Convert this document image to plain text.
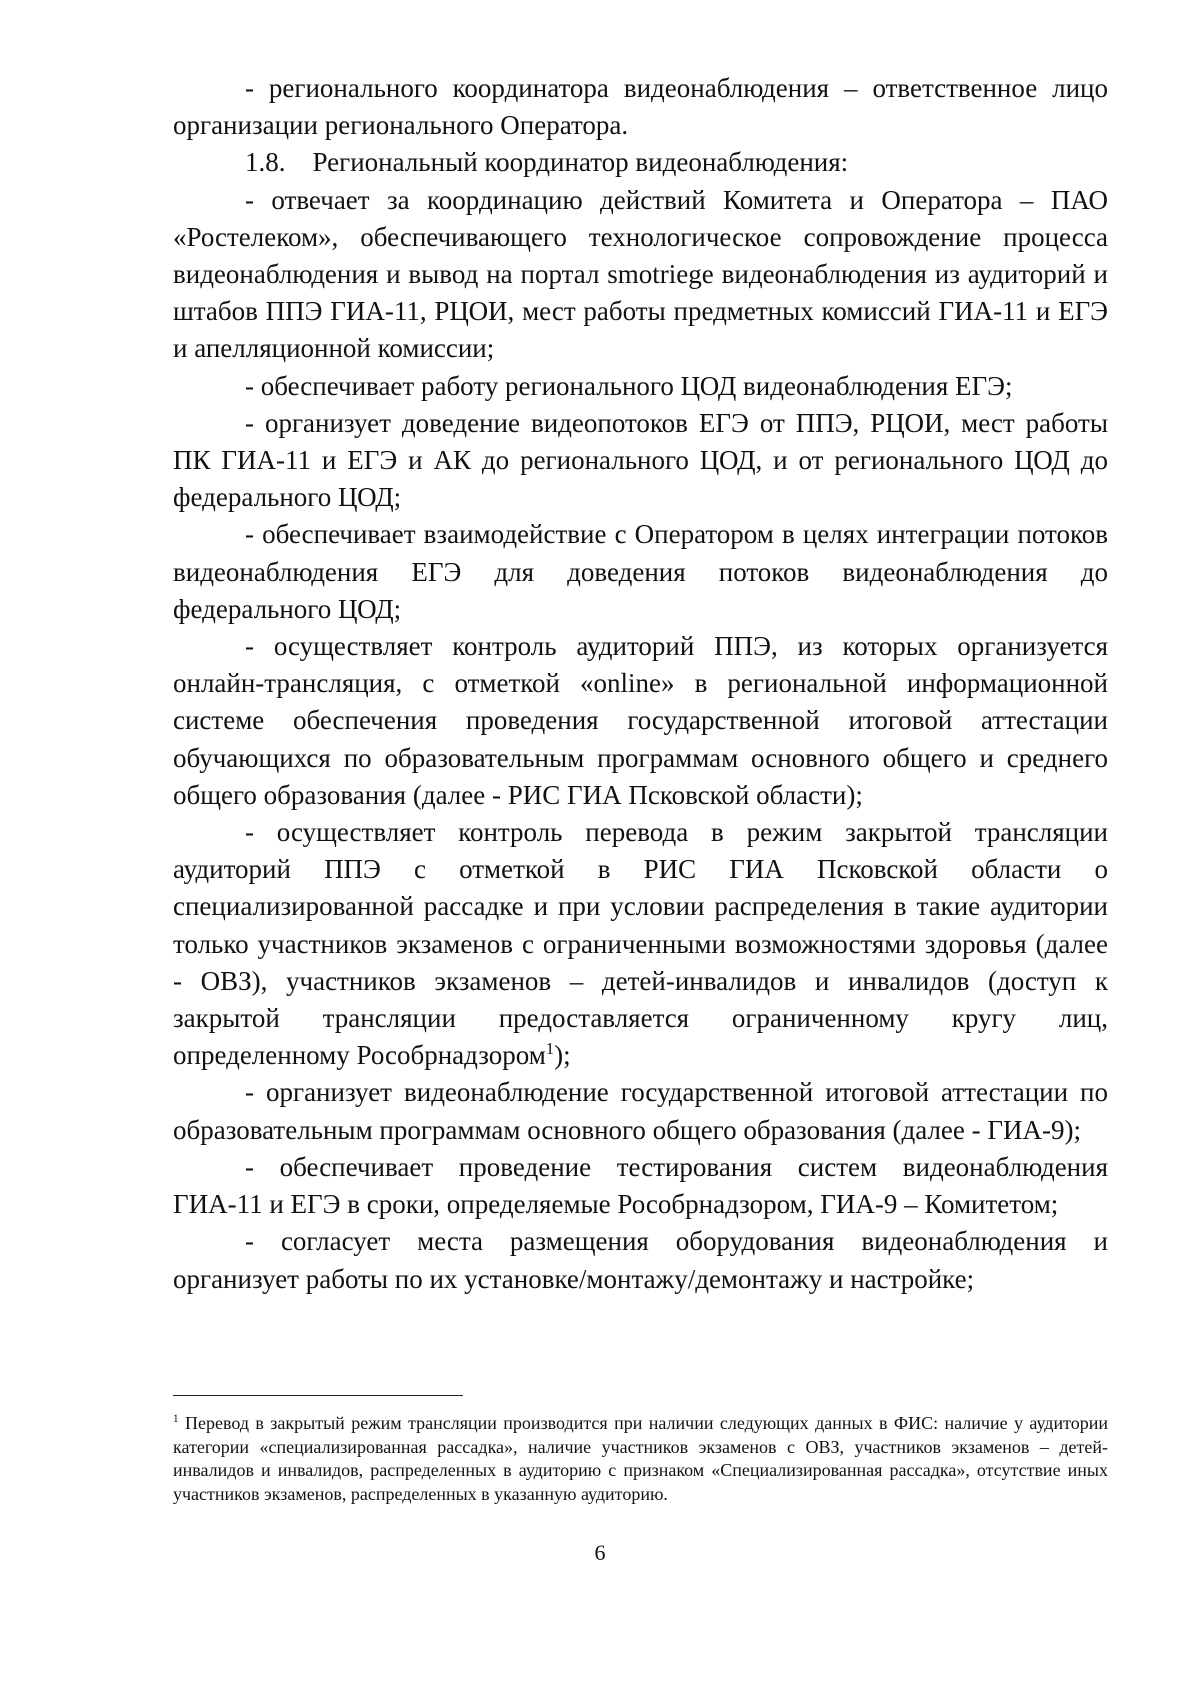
- регионального координатора видеонаблюдения – ответственное лицо организации регионального Оператора.

1.8. Региональный координатор видеонаблюдения:

- отвечает за координацию действий Комитета и Оператора – ПАО «Ростелеком», обеспечивающего технологическое сопровождение процесса видеонаблюдения и вывод на портал smotriege видеонаблюдения из аудиторий и штабов ППЭ ГИА-11, РЦОИ, мест работы предметных комиссий ГИА-11 и ЕГЭ и апелляционной комиссии;

- обеспечивает работу регионального ЦОД видеонаблюдения ЕГЭ;

- организует доведение видеопотоков ЕГЭ от ППЭ, РЦОИ, мест работы ПК ГИА-11 и ЕГЭ и АК до регионального ЦОД, и от регионального ЦОД до федерального ЦОД;

- обеспечивает взаимодействие с Оператором в целях интеграции потоков видеонаблюдения ЕГЭ для доведения потоков видеонаблюдения до федерального ЦОД;

- осуществляет контроль аудиторий ППЭ, из которых организуется онлайн-трансляция, с отметкой «online» в региональной информационной системе обеспечения проведения государственной итоговой аттестации обучающихся по образовательным программам основного общего и среднего общего образования (далее - РИС ГИА Псковской области);

- осуществляет контроль перевода в режим закрытой трансляции аудиторий ППЭ с отметкой в РИС ГИА Псковской области о специализированной рассадке и при условии распределения в такие аудитории только участников экзаменов с ограниченными возможностями здоровья (далее - ОВЗ), участников экзаменов – детей-инвалидов и инвалидов (доступ к закрытой трансляции предоставляется ограниченному кругу лиц, определенному Рособрнадзором$^1$);

- организует видеонаблюдение государственной итоговой аттестации по образовательным программам основного общего образования (далее - ГИА-9);

- обеспечивает проведение тестирования систем видеонаблюдения ГИА-11 и ЕГЭ в сроки, определяемые Рособрнадзором, ГИА-9 – Комитетом;

- согласует места размещения оборудования видеонаблюдения и организует работы по их установке/монтажу/демонтажу и настройке;

$^1$ Перевод в закрытый режим трансляции производится при наличии следующих данных в ФИС: наличие у аудитории категории «специализированная рассадка», наличие участников экзаменов с ОВЗ, участников экзаменов – детей-инвалидов и инвалидов, распределенных в аудиторию с признаком «Специализированная рассадка», отсутствие иных участников экзаменов, распределенных в указанную аудиторию.

6
